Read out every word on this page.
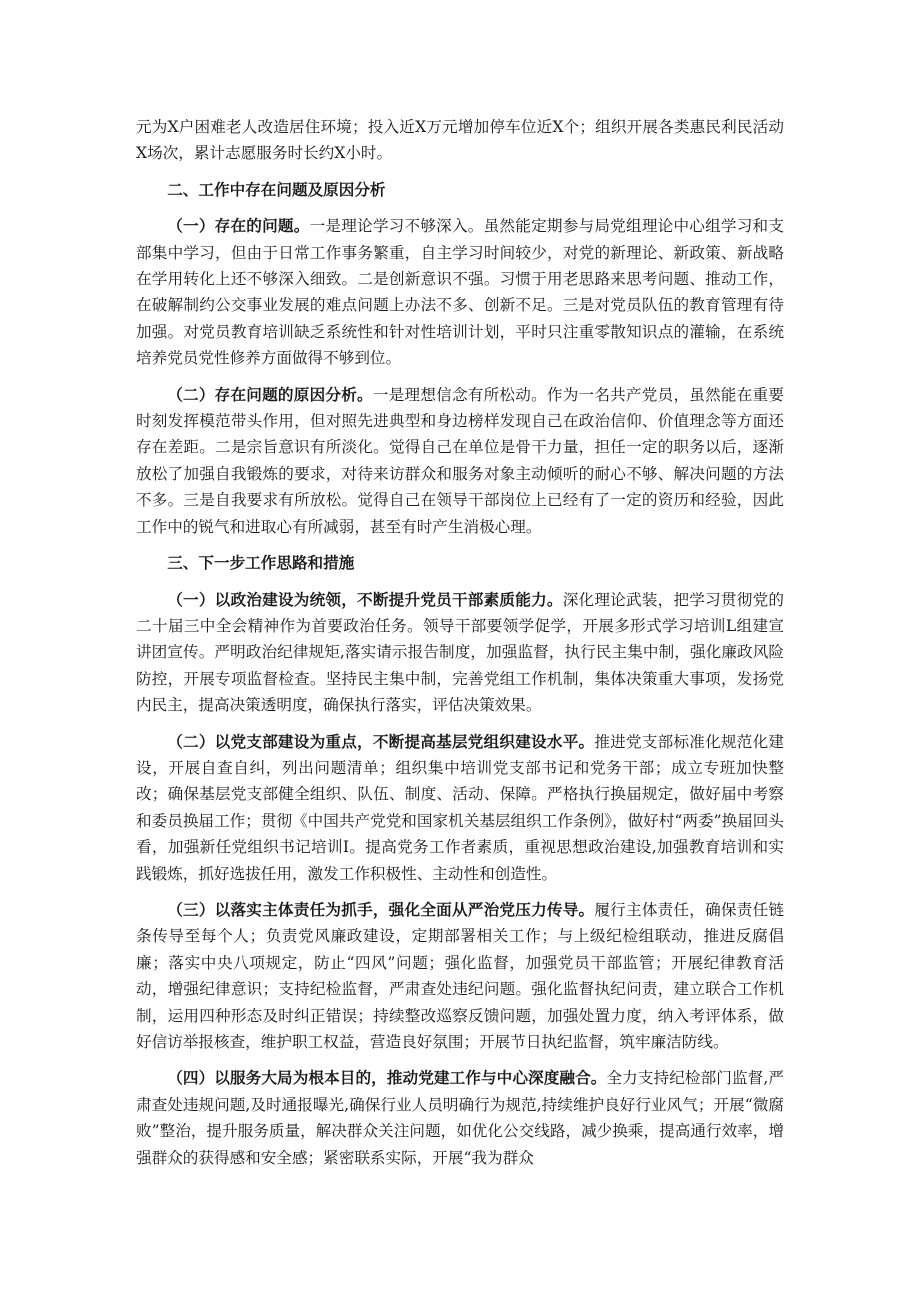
元为X户困难老人改造居住环境；投入近X万元增加停车位近X个；组织开展各类惠民利民活动X场次，累计志愿服务时长约X小时。

二、工作中存在问题及原因分析

（一）存在的问题。一是理论学习不够深入。虽然能定期参与局党组理论中心组学习和支部集中学习，但由于日常工作事务繁重，自主学习时间较少，对党的新理论、新政策、新战略在学用转化上还不够深入细致。二是创新意识不强。习惯于用老思路来思考问题、推动工作，在破解制约公交事业发展的难点问题上办法不多、创新不足。三是对党员队伍的教育管理有待加强。对党员教育培训缺乏系统性和针对性培训计划，平时只注重零散知识点的灌输，在系统培养党员党性修养方面做得不够到位。

（二）存在问题的原因分析。一是理想信念有所松动。作为一名共产党员，虽然能在重要时刻发挥模范带头作用，但对照先进典型和身边榜样发现自己在政治信仰、价值理念等方面还存在差距。二是宗旨意识有所淡化。觉得自己在单位是骨干力量，担任一定的职务以后，逐渐放松了加强自我锻炼的要求，对待来访群众和服务对象主动倾听的耐心不够、解决问题的方法不多。三是自我要求有所放松。觉得自己在领导干部岗位上已经有了一定的资历和经验，因此工作中的锐气和进取心有所减弱，甚至有时产生消极心理。

三、下一步工作思路和措施

（一）以政治建设为统领，不断提升党员干部素质能力。深化理论武装，把学习贯彻党的二十届三中全会精神作为首要政治任务。领导干部要领学促学，开展多形式学习培训L组建宣讲团宣传。严明政治纪律规矩,落实请示报告制度，加强监督，执行民主集中制，强化廉政风险防控，开展专项监督检查。坚持民主集中制，完善党组工作机制，集体决策重大事项，发扬党内民主，提高决策透明度，确保执行落实，评估决策效果。

（二）以党支部建设为重点，不断提高基层党组织建设水平。推进党支部标准化规范化建设，开展自查自纠，列出问题清单；组织集中培训党支部书记和党务干部；成立专班加快整改；确保基层党支部健全组织、队伍、制度、活动、保障。严格执行换届规定，做好届中考察和委员换届工作；贯彻《中国共产党党和国家机关基层组织工作条例》，做好村“两委”换届回头看，加强新任党组织书记培训I。提高党务工作者素质，重视思想政治建设,加强教育培训和实践锻炼，抓好选拔任用，激发工作积极性、主动性和创造性。

（三）以落实主体责任为抓手，强化全面从严治党压力传导。履行主体责任，确保责任链条传导至每个人；负责党风廉政建设，定期部署相关工作；与上级纪检组联动，推进反腐倡廉；落实中央八项规定，防止“四风”问题；强化监督，加强党员干部监管；开展纪律教育活动，增强纪律意识；支持纪检监督，严肃查处违纪问题。强化监督执纪问责，建立联合工作机制，运用四种形态及时纠正错误；持续整改巡察反馈问题，加强处置力度，纳入考评体系，做好信访举报核查，维护职工权益，营造良好氛围；开展节日执纪监督，筑牢廉洁防线。

（四）以服务大局为根本目的，推动党建工作与中心深度融合。全力支持纪检部门监督,严肃查处违规问题,及时通报曝光,确保行业人员明确行为规范,持续维护良好行业风气；开展“微腐败”整治，提升服务质量，解决群众关注问题，如优化公交线路，减少换乘，提高通行效率，增强群众的获得感和安全感；紧密联系实际，开展“我为群众
